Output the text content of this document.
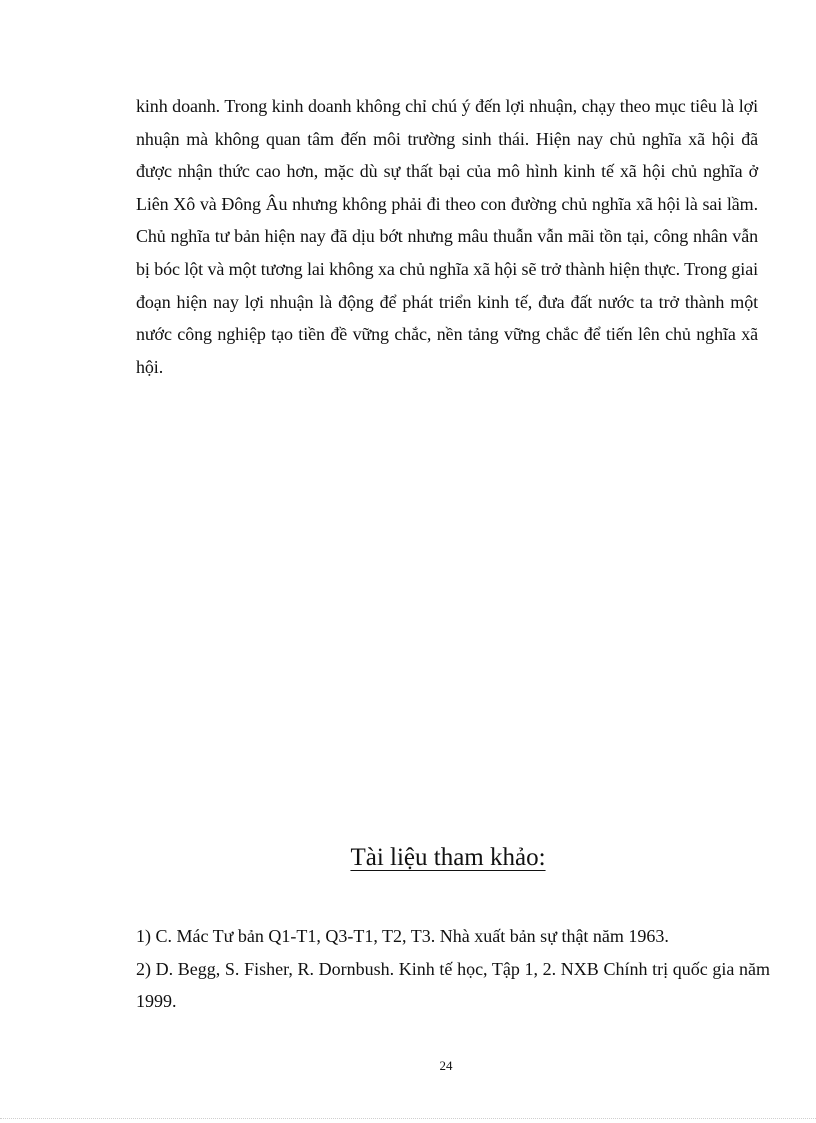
kinh doanh. Trong kinh doanh không chỉ chú ý đến lợi nhuận, chạy theo mục tiêu là lợi nhuận mà không quan tâm đến môi trường sinh thái. Hiện nay chủ nghĩa xã hội đã được nhận thức cao hơn, mặc dù sự thất bại của mô hình kinh tế xã hội chủ nghĩa ở Liên Xô và Đông Âu nhưng không phải đi theo con đường chủ nghĩa xã hội là sai lầm. Chủ nghĩa tư bản hiện nay đã dịu bớt nhưng mâu thuẫn vẫn mãi tồn tại, công nhân vẫn bị bóc lột và một tương lai không xa chủ nghĩa xã hội sẽ trở thành hiện thực. Trong giai đoạn hiện nay lợi nhuận là động để phát triển kinh tế, đưa đất nước ta trở thành một nước công nghiệp tạo tiền đề vững chắc, nền tảng vững chắc để tiến lên chủ nghĩa xã hội.

Tài liệu tham khảo:
1) C. Mác Tư bản Q1-T1, Q3-T1, T2, T3. Nhà xuất bản sự thật năm 1963.
2) D. Begg, S. Fisher, R. Dornbush. Kinh tế học, Tập 1, 2. NXB Chính trị quốc gia năm 1999.
24
